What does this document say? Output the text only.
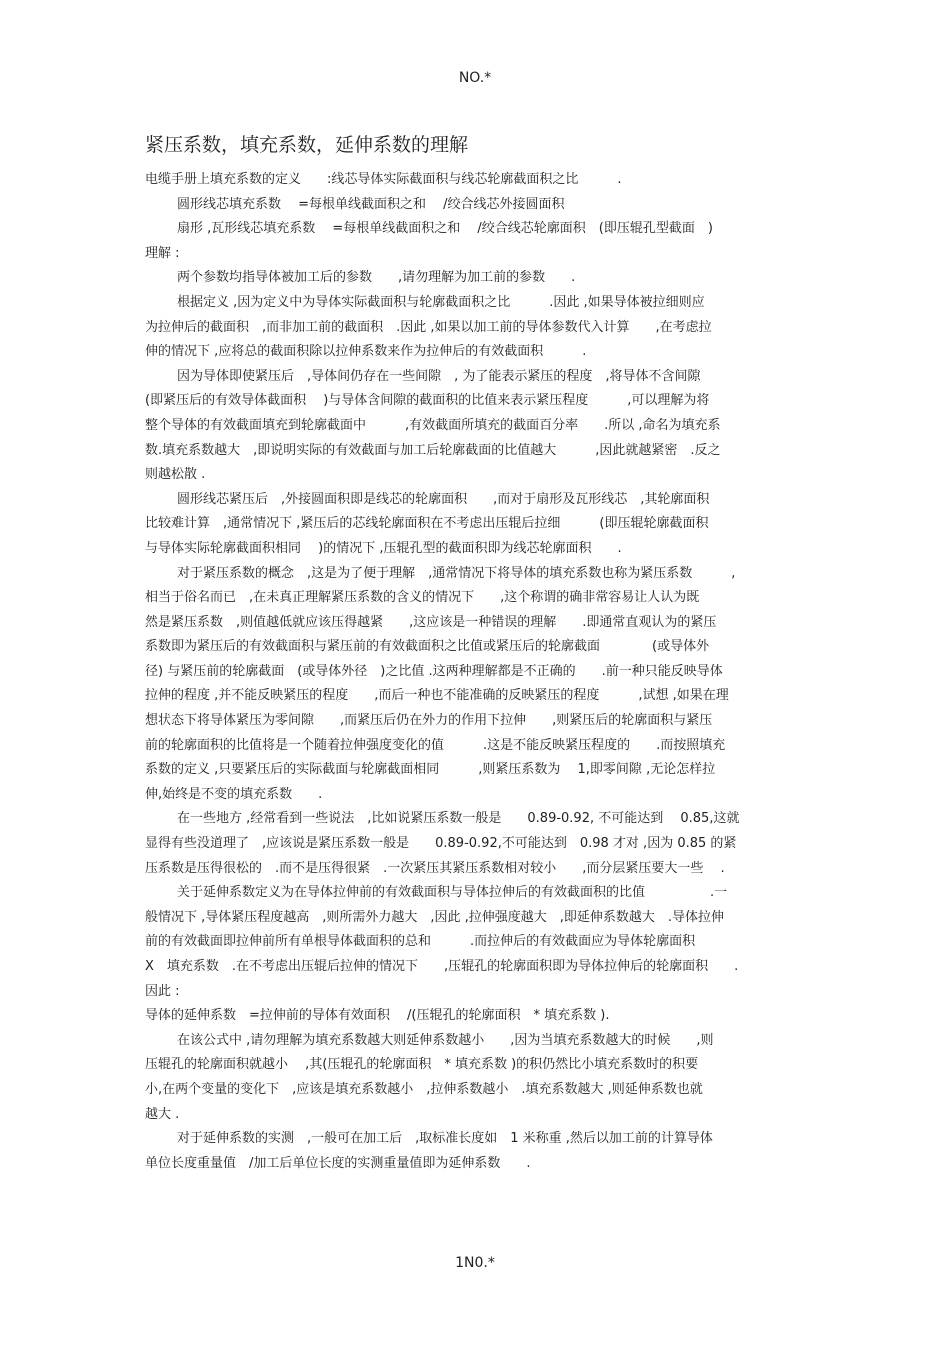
NO.*
紧压系数，填充系数，延伸系数的理解
电缆手册上填充系数的定义　　:线芯导体实际截面积与线芯轮廓截面积之比　　　.
圆形线芯填充系数　 =每根单线截面积之和　 /绞合线芯外接圆面积
扇形 ,瓦形线芯填充系数　 =每根单线截面积之和　 /绞合线芯轮廓面积　(即压辊孔型截面　)
理解 :
两个参数均指导体被加工后的参数　　,请勿理解为加工前的参数　　.
根据定义 ,因为定义中为导体实际截面积与轮廓截面积之比　　　.因此 ,如果导体被拉细则应
为拉伸后的截面积　,而非加工前的截面积　.因此 ,如果以加工前的导体参数代入计算　　,在考虑拉
伸的情况下 ,应将总的截面积除以拉伸系数来作为拉伸后的有效截面积　　　.
因为导体即使紧压后　,导体间仍存在一些间隙　, 为了能表示紧压的程度　,将导体不含间隙
(即紧压后的有效导体截面积　 )与导体含间隙的截面积的比值来表示紧压程度　　　,可以理解为将
整个导体的有效截面填充到轮廓截面中　　　,有效截面所填充的截面百分率　　.所以 ,命名为填充系
数.填充系数越大　,即说明实际的有效截面与加工后轮廓截面的比值越大　　　,因此就越紧密　.反之
则越松散 .
圆形线芯紧压后　,外接圆面积即是线芯的轮廓面积　　,而对于扇形及瓦形线芯　,其轮廓面积
比较难计算　,通常情况下 ,紧压后的芯线轮廓面积在不考虑出压辊后拉细　　　(即压辊轮廓截面积
与导体实际轮廓截面积相同　 )的情况下 ,压辊孔型的截面积即为线芯轮廓面积　　.
对于紧压系数的概念　,这是为了便于理解　,通常情况下将导体的填充系数也称为紧压系数　　　,
相当于俗名而已　,在未真正理解紧压系数的含义的情况下　　,这个称谓的确非常容易让人认为既
然是紧压系数　,则值越低就应该压得越紧　　,这应该是一种错误的理解　　.即通常直观认为的紧压
系数即为紧压后的有效截面积与紧压前的有效截面积之比值或紧压后的轮廓截面　　　　(或导体外
径) 与紧压前的轮廓截面　(或导体外径　)之比值 .这两种理解都是不正确的　　.前一种只能反映导体
拉伸的程度 ,并不能反映紧压的程度　　,而后一种也不能准确的反映紧压的程度　　　,试想 ,如果在理
想状态下将导体紧压为零间隙　　,而紧压后仍在外力的作用下拉伸　　,则紧压后的轮廓面积与紧压
前的轮廓面积的比值将是一个随着拉伸强度变化的值　　　.这是不能反映紧压程度的　　.而按照填充
系数的定义 ,只要紧压后的实际截面与轮廓截面相同　　　,则紧压系数为　 1,即零间隙 ,无论怎样拉
伸,始终是不变的填充系数　　.
在一些地方 ,经常看到一些说法　,比如说紧压系数一般是　　0.89-0.92, 不可能达到　 0.85,这就
显得有些没道理了　,应该说是紧压系数一般是　　0.89-0.92,不可能达到　0.98 才对 ,因为 0.85 的紧
压系数是压得很松的　.而不是压得很紧　.一次紧压其紧压系数相对较小　　,而分层紧压要大一些　 .
关于延伸系数定义为在导体拉伸前的有效截面积与导体拉伸后的有效截面积的比值　　　　　.一
般情况下 ,导体紧压程度越高　,则所需外力越大　,因此 ,拉伸强度越大　,即延伸系数越大　.导体拉伸
前的有效截面即拉伸前所有单根导体截面积的总和　　　.而拉伸后的有效截面应为导体轮廓面积
X　填充系数　.在不考虑出压辊后拉伸的情况下　　,压辊孔的轮廓面积即为导体拉伸后的轮廓面积　　.
因此 :
导体的延伸系数　=拉伸前的导体有效面积　 /(压辊孔的轮廓面积　* 填充系数 ).
在该公式中 ,请勿理解为填充系数越大则延伸系数越小　　,因为当填充系数越大的时候　　,则
压辊孔的轮廓面积就越小　 ,其(压辊孔的轮廓面积　* 填充系数 )的积仍然比小填充系数时的积要
小,在两个变量的变化下　,应该是填充系数越小　,拉伸系数越小　.填充系数越大 ,则延伸系数也就
越大 .
对于延伸系数的实测　,一般可在加工后　,取标准长度如　1 米称重 ,然后以加工前的计算导体
单位长度重量值　/加工后单位长度的实测重量值即为延伸系数　　.
1N0.*
